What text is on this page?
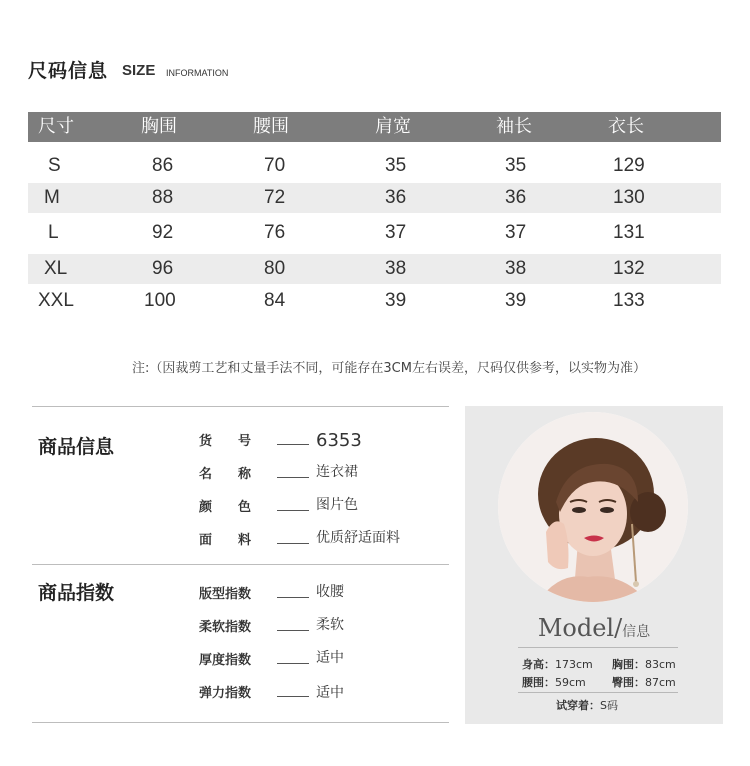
尺码信息 SIZE INFORMATION
尺寸	胸围	腰围	肩宽	袖长	衣长
S	86	70	35	35	129
M	88	72	36	36	130
L	92	76	37	37	131
XL	96	80	38	38	132
XXL	100	84	39	39	133
注:（因裁剪工艺和丈量手法不同，可能存在3CM左右误差，尺码仅供参考，以实物为准）
商品信息	货　　号	6353
名　　称	连衣裙
颜　　色	图片色
面　　料	优质舒适面料
商品指数	版型指数	收腰
柔软指数	柔软
厚度指数	适中
弹力指数	适中
Model/信息
身高：173cm 胸围：83cm
腰围：59cm 臀围：87cm
试穿着：S码
